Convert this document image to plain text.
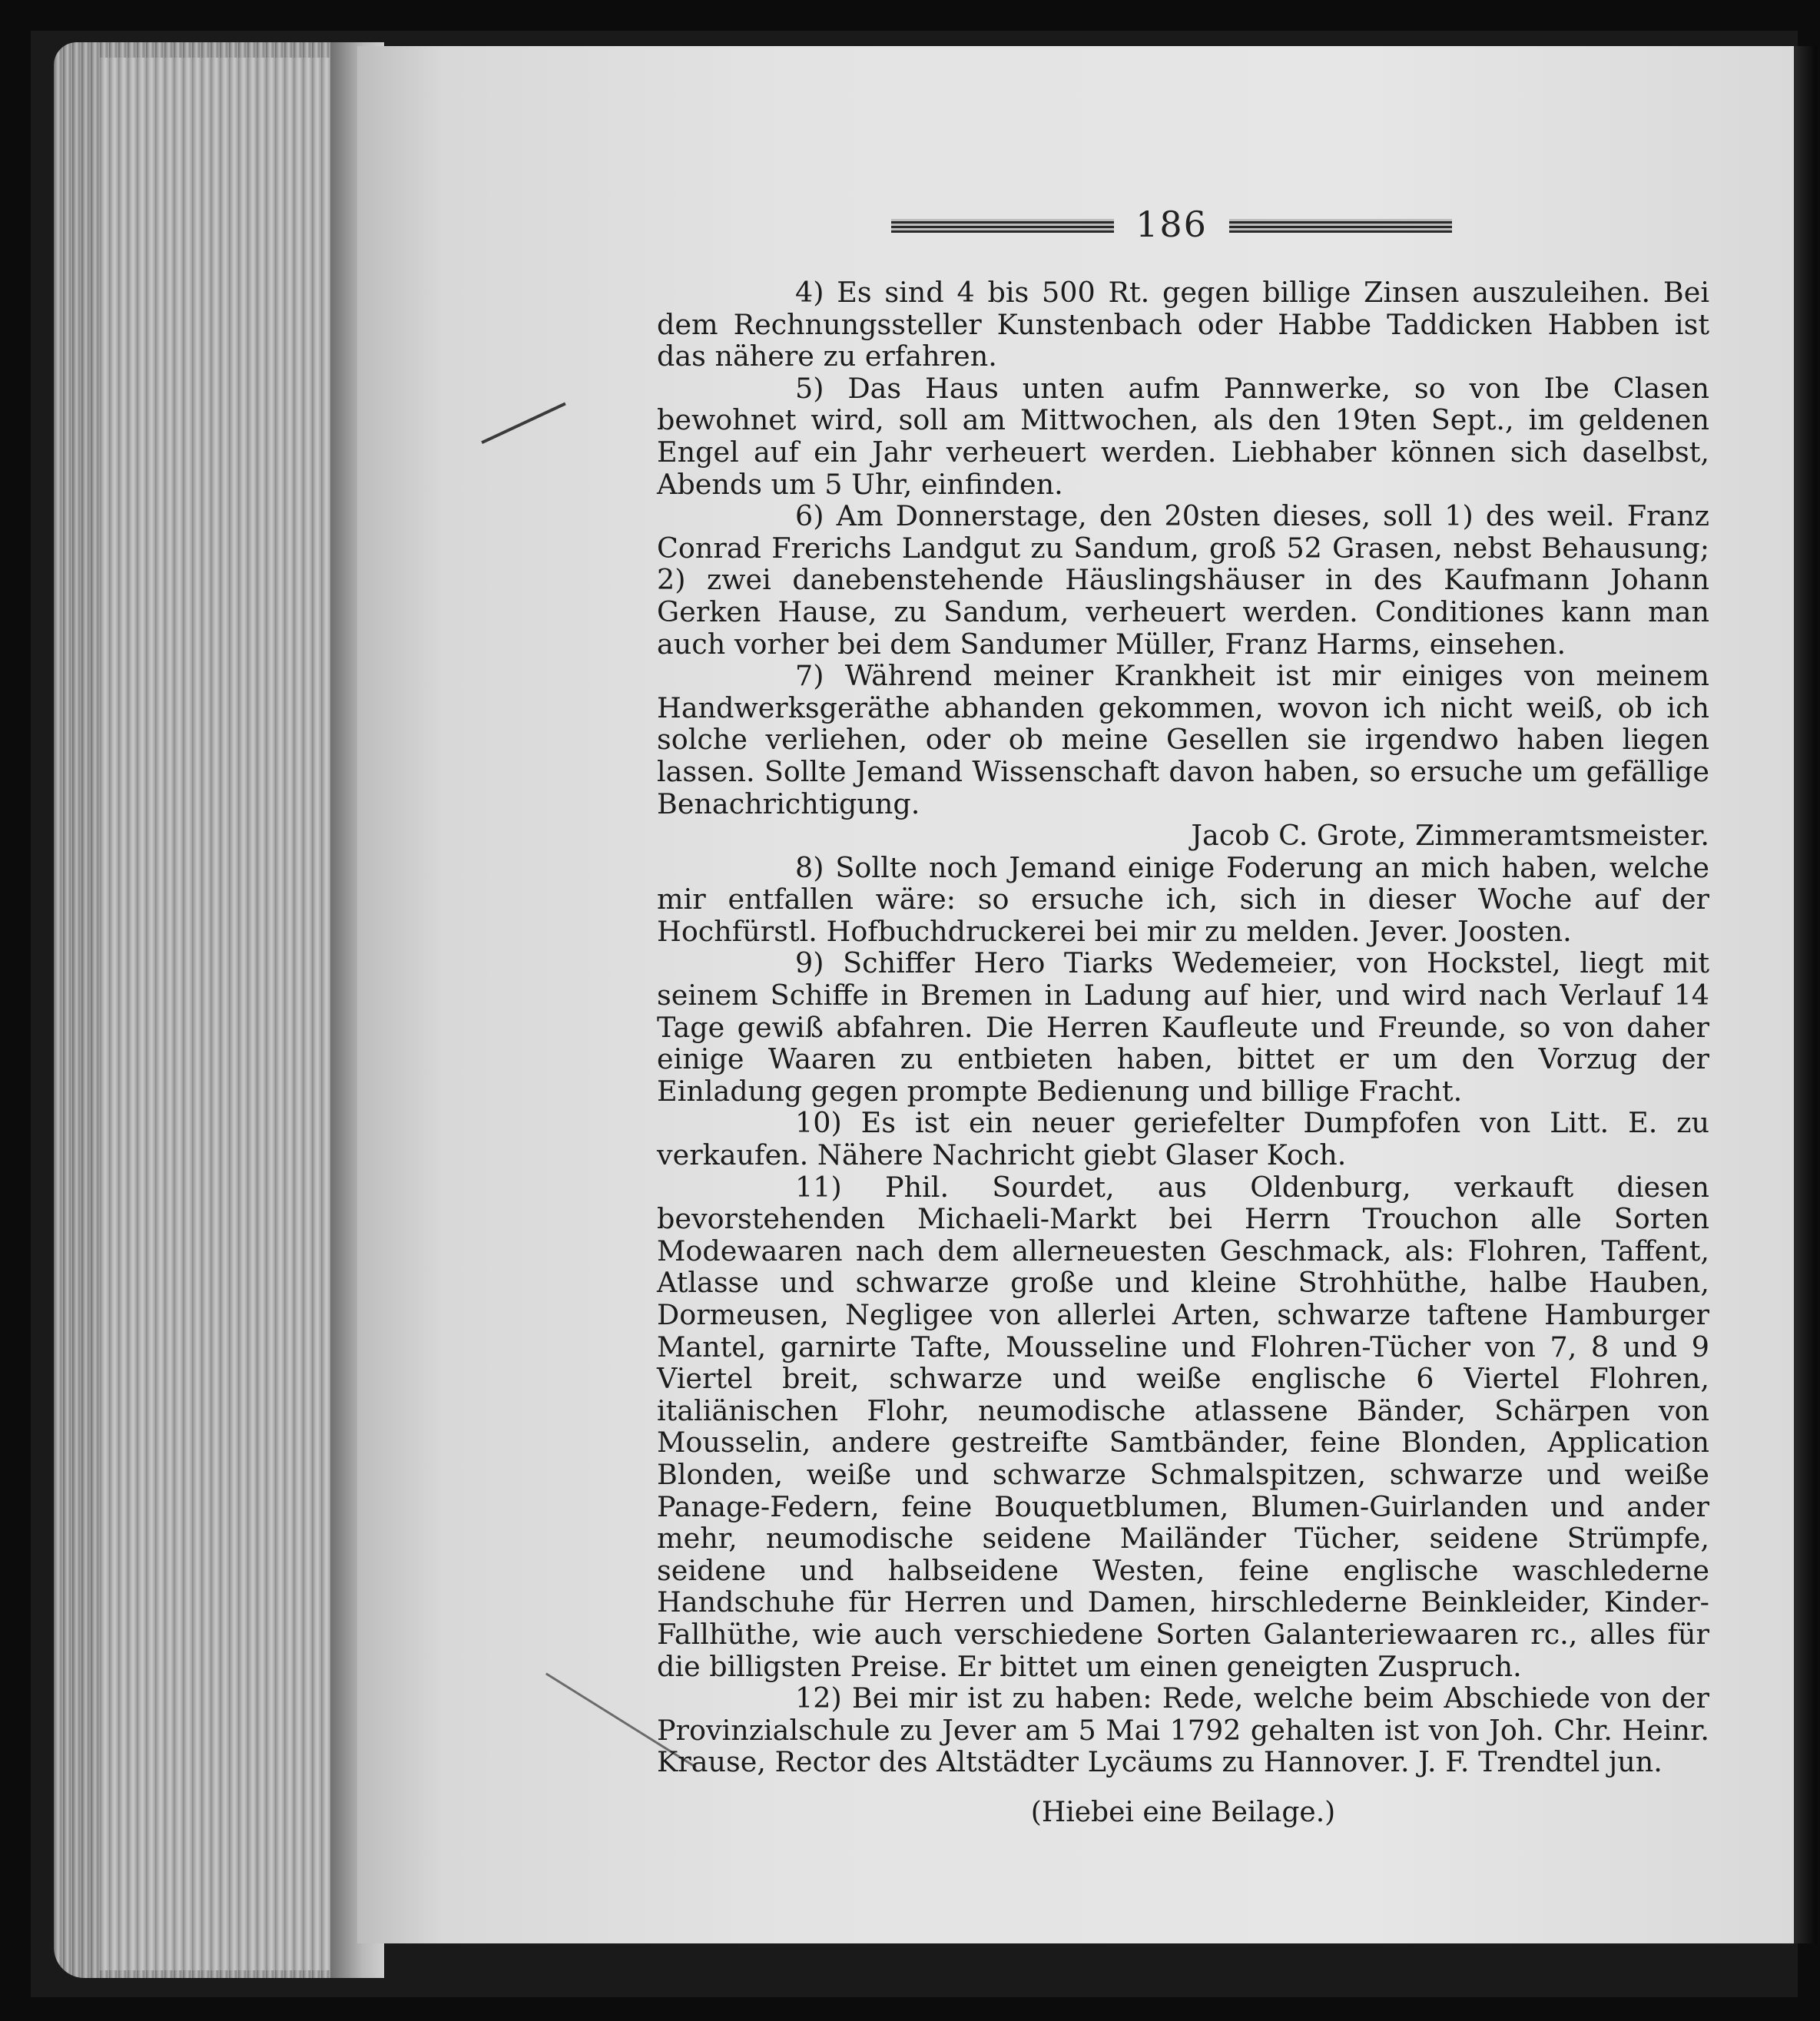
186

4) Es sind 4 bis 500 Rt. gegen billige Zinsen auszuleihen. Bei dem Rechnungssteller Kunstenbach oder Habbe Taddicken Habben ist das nähere zu erfahren.

5) Das Haus unten aufm Pannwerke, so von Ibe Clasen bewohnet wird, soll am Mittwochen, als den 19ten Sept., im geldenen Engel auf ein Jahr verheuert werden. Liebhaber können sich daselbst, Abends um 5 Uhr, einfinden.

6) Am Donnerstage, den 20sten dieses, soll 1) des weil. Franz Conrad Frerichs Landgut zu Sandum, groß 52 Grasen, nebst Behausung; 2) zwei danebenstehende Häuslingshäuser in des Kaufmann Johann Gerken Hause, zu Sandum, verheuert werden. Conditiones kann man auch vorher bei dem Sandumer Müller, Franz Harms, einsehen.

7) Während meiner Krankheit ist mir einiges von meinem Handwerksgeräthe abhanden gekommen, wovon ich nicht weiß, ob ich solche verliehen, oder ob meine Gesellen sie irgendwo haben liegen lassen. Sollte Jemand Wissenschaft davon haben, so ersuche um gefällige Benachrichtigung.

Jacob C. Grote, Zimmeramtsmeister.

8) Sollte noch Jemand einige Foderung an mich haben, welche mir entfallen wäre: so ersuche ich, sich in dieser Woche auf der Hochfürstl. Hofbuchdruckerei bei mir zu melden. Jever. Joosten.

9) Schiffer Hero Tiarks Wedemeier, von Hockstel, liegt mit seinem Schiffe in Bremen in Ladung auf hier, und wird nach Verlauf 14 Tage gewiß abfahren. Die Herren Kaufleute und Freunde, so von daher einige Waaren zu entbieten haben, bittet er um den Vorzug der Einladung gegen prompte Bedienung und billige Fracht.

10) Es ist ein neuer geriefelter Dumpfofen von Litt. E. zu verkaufen. Nähere Nachricht giebt Glaser Koch.

11) Phil. Sourdet, aus Oldenburg, verkauft diesen bevorstehenden Michaeli-Markt bei Herrn Trouchon alle Sorten Modewaaren nach dem allerneuesten Geschmack, als: Flohren, Taffent, Atlasse und schwarze große und kleine Strohhüthe, halbe Hauben, Dormeusen, Negligee von allerlei Arten, schwarze taftene Hamburger Mantel, garnirte Tafte, Mousseline und Flohren-Tücher von 7, 8 und 9 Viertel breit, schwarze und weiße englische 6 Viertel Flohren, italiänischen Flohr, neumodische atlassene Bänder, Schärpen von Mousselin, andere gestreifte Samtbänder, feine Blonden, Application Blonden, weiße und schwarze Schmalspitzen, schwarze und weiße Panage-Federn, feine Bouquetblumen, Blumen-Guirlanden und ander mehr, neumodische seidene Mailänder Tücher, seidene Strümpfe, seidene und halbseidene Westen, feine englische waschlederne Handschuhe für Herren und Damen, hirschlederne Beinkleider, Kinder-Fallhüthe, wie auch verschiedene Sorten Galanteriewaaren rc., alles für die billigsten Preise. Er bittet um einen geneigten Zuspruch.

12) Bei mir ist zu haben: Rede, welche beim Abschiede von der Provinzialschule zu Jever am 5 Mai 1792 gehalten ist von Joh. Chr. Heinr. Krause, Rector des Altstädter Lycäums zu Hannover. J. F. Trendtel jun.

(Hiebei eine Beilage.)
